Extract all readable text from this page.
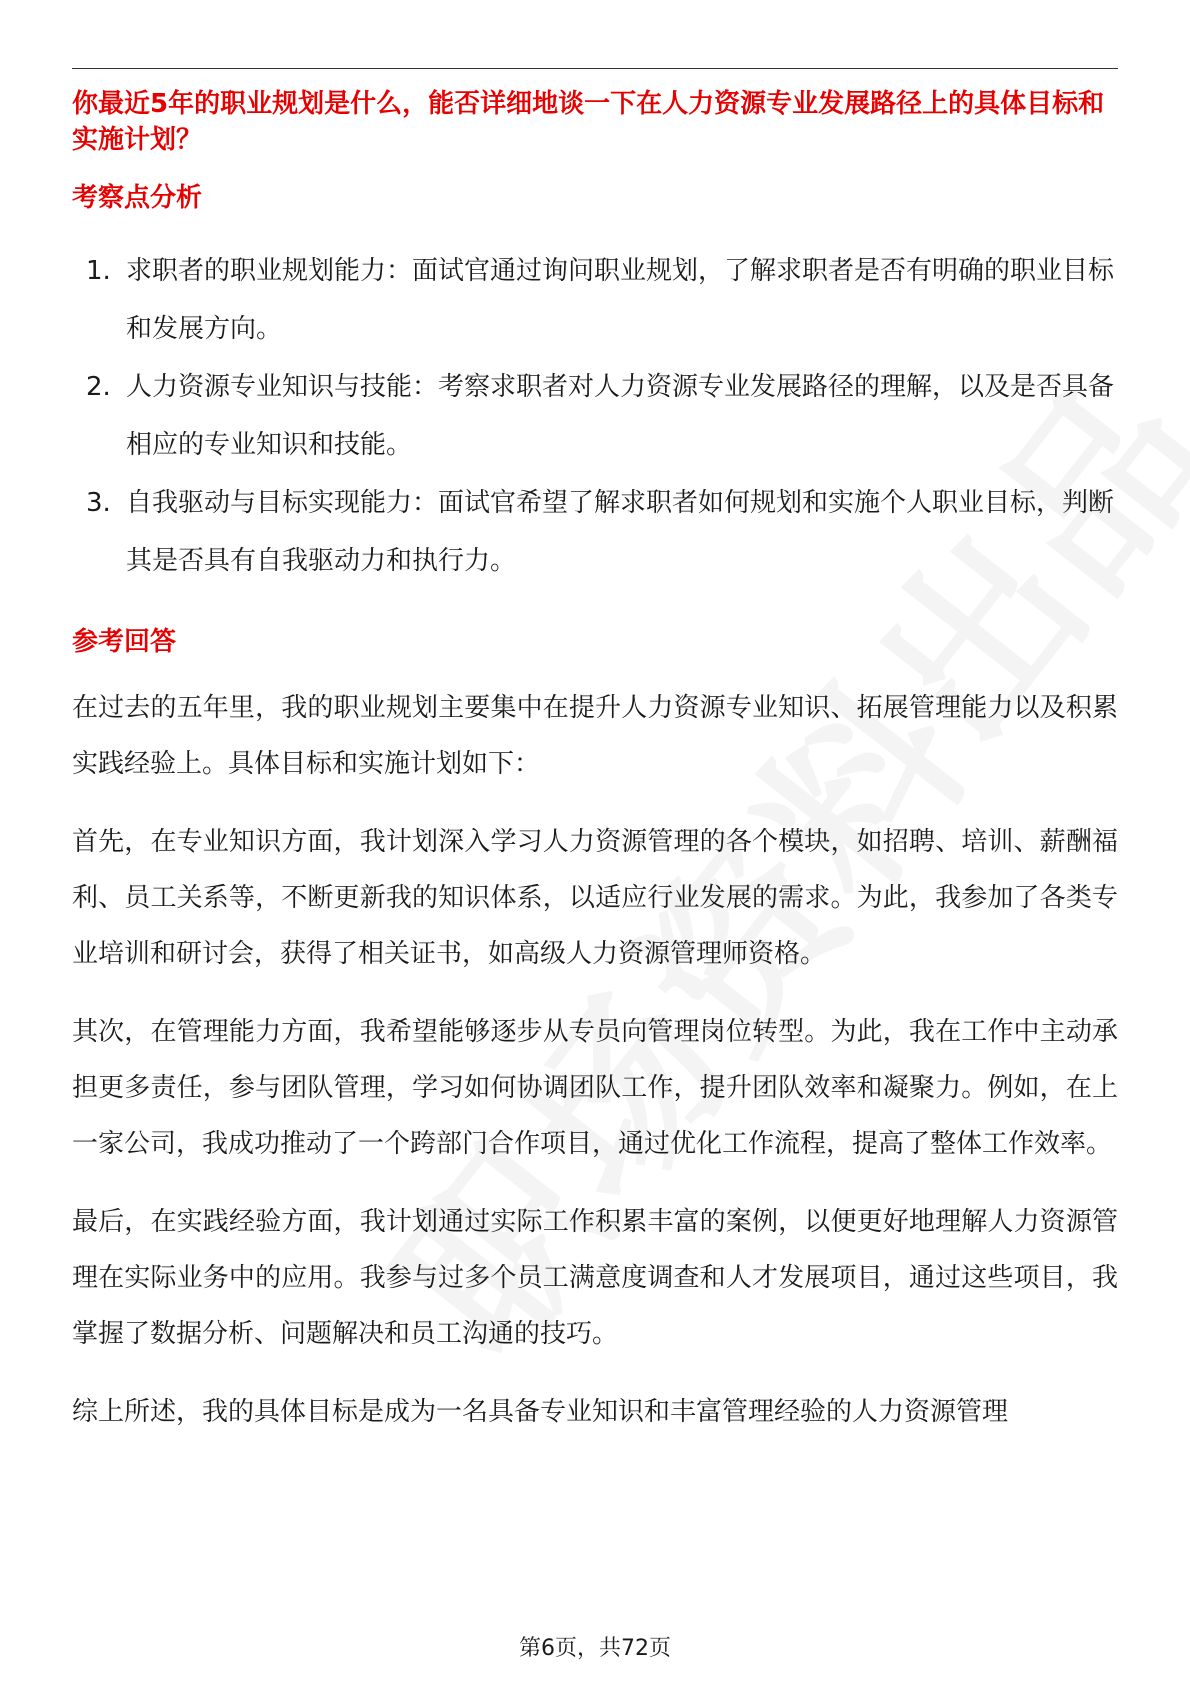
你最近5年的职业规划是什么，能否详细地谈一下在人力资源专业发展路径上的具体目标和实施计划？

考察点分析
1. 求职者的职业规划能力：面试官通过询问职业规划，了解求职者是否有明确的职业目标和发展方向。
2. 人力资源专业知识与技能：考察求职者对人力资源专业发展路径的理解，以及是否具备相应的专业知识和技能。
3. 自我驱动与目标实现能力：面试官希望了解求职者如何规划和实施个人职业目标，判断其是否具有自我驱动力和执行力。
参考回答

在过去的五年里，我的职业规划主要集中在提升人力资源专业知识、拓展管理能力以及积累实践经验上。具体目标和实施计划如下：

首先，在专业知识方面，我计划深入学习人力资源管理的各个模块，如招聘、培训、薪酬福利、员工关系等，不断更新我的知识体系，以适应行业发展的需求。为此，我参加了各类专业培训和研讨会，获得了相关证书，如高级人力资源管理师资格。

其次，在管理能力方面，我希望能够逐步从专员向管理岗位转型。为此，我在工作中主动承担更多责任，参与团队管理，学习如何协调团队工作，提升团队效率和凝聚力。例如，在上一家公司，我成功推动了一个跨部门合作项目，通过优化工作流程，提高了整体工作效率。

最后，在实践经验方面，我计划通过实际工作积累丰富的案例，以便更好地理解人力资源管理在实际业务中的应用。我参与过多个员工满意度调查和人才发展项目，通过这些项目，我掌握了数据分析、问题解决和员工沟通的技巧。

综上所述，我的具体目标是成为一名具备专业知识和丰富管理经验的人力资源管理

第6页，共72页
